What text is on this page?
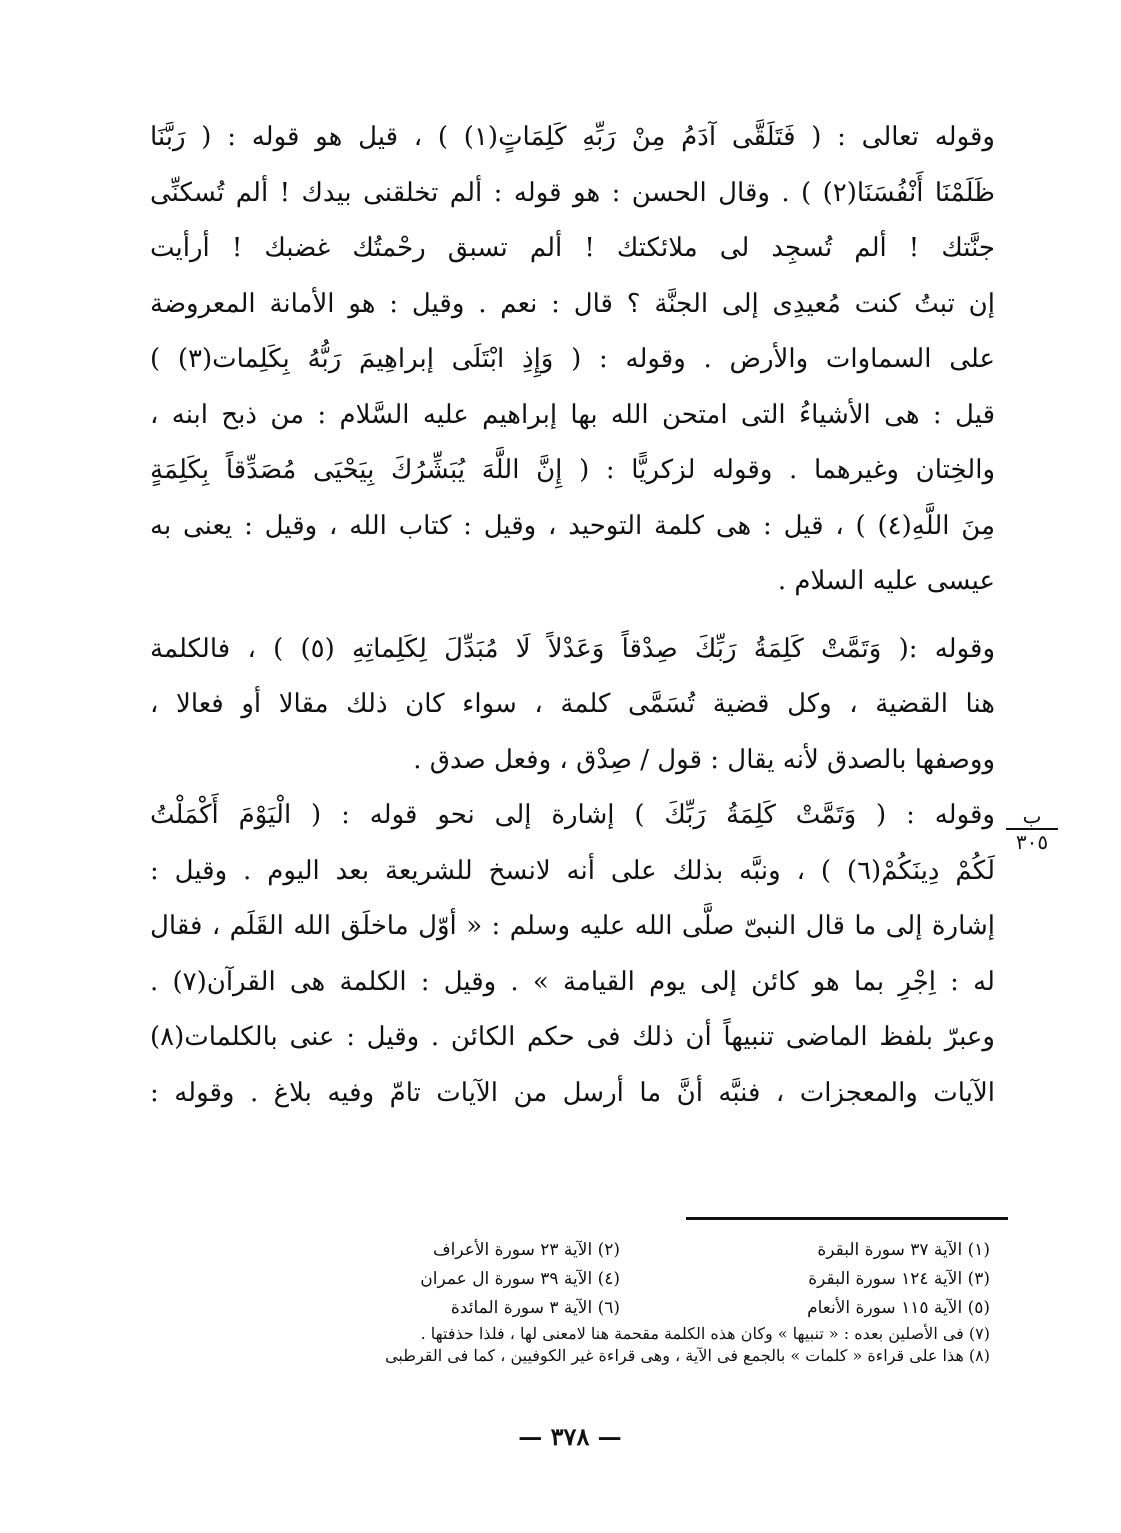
وقوله تعالى : ( فَتَلَقَّى آدَمُ مِنْ رَبِّهِ كَلِمَاتٍ(١) ) ، قيل هو قوله : ( رَبَّنَا
ظَلَمْنَا أَنْفُسَنَا(٢) ) . وقال الحسن : هو قوله : ألم تخلقنى بيدك ! ألم تُسكنِّى
جنَّتك ! ألم تُسجِد لى ملائكتك ! ألم تسبق رحْمتُك غضبك ! أرأيت
إن تبتُ كنت مُعيدِى إلى الجنَّة ؟ قال : نعم . وقيل : هو الأمانة المعروضة
على السماوات والأرض . وقوله : ( وَإِذِ ابْتَلَى إبراهِيمَ رَبُّهُ بِكَلِمات(٣) )
قيل : هى الأشياءُ التى امتحن الله بها إبراهيم عليه السَّلام : من ذبح ابنه ،
والخِتان وغيرهما . وقوله لزكريًّا : ( إِنَّ اللَّهَ يُبَشِّرُكَ بِيَحْيَى مُصَدِّقاً بِكَلِمَةٍ
مِنَ اللَّهِ(٤) ) ، قيل : هى كلمة التوحيد ، وقيل : كتاب الله ، وقيل : يعنى به
عيسى عليه السلام .
وقوله :( وَتَمَّتْ كَلِمَةُ رَبِّكَ صِدْقاً وَعَدْلاً لَا مُبَدِّلَ لِكَلِماتِهِ (٥) ) ، فالكلمة
هنا القضية ، وكل قضية تُسَمَّى كلمة ، سواء كان ذلك مقالا أو فعالا ،
ووصفها بالصدق لأنه يقال : قول / صِدْق ، وفعل صدق .
وقوله : ( وَتَمَّتْ كَلِمَةُ رَبِّكَ ) إشارة إلى نحو قوله : ( الْيَوْمَ أَكْمَلْتُ
لَكُمْ دِينَكُمْ(٦) ) ، ونبَّه بذلك على أنه لانسخ للشريعة بعد اليوم . وقيل :
إشارة إلى ما قال النبىّ صلَّى الله عليه وسلم : « أوّل ماخلَق الله القَلَم ، فقال
له : اِجْرِ بما هو كائن إلى يوم القيامة » . وقيل : الكلمة هى القرآن(٧) .
وعبرّ بلفظ الماضى تنبيهاً أن ذلك فى حكم الكائن . وقيل : عنى بالكلمات(٨)
الآيات والمعجزات ، فنبَّه أنَّ ما أرسل من الآيات تامّ وفيه بلاغ . وقوله :
ب
٣٠٥
(١) الآية ٣٧ سورة البقرة
(٢) الآية ٢٣ سورة الأعراف
(٣) الآية ١٢٤ سورة البقرة
(٤) الآية ٣٩ سورة ال عمران
(٥) الآية ١١٥ سورة الأنعام
(٦) الآية ٣ سورة المائدة
(٧) فى الأصلين بعده : « تنبيها » وكان هذه الكلمة مقحمة هنا لامعنى لها ، فلذا حذفتها .
(٨) هذا على قراءة « كلمات » بالجمع فى الآية ، وهى قراءة غير الكوفيين ، كما فى القرطبى
— ٣٧٨ —
